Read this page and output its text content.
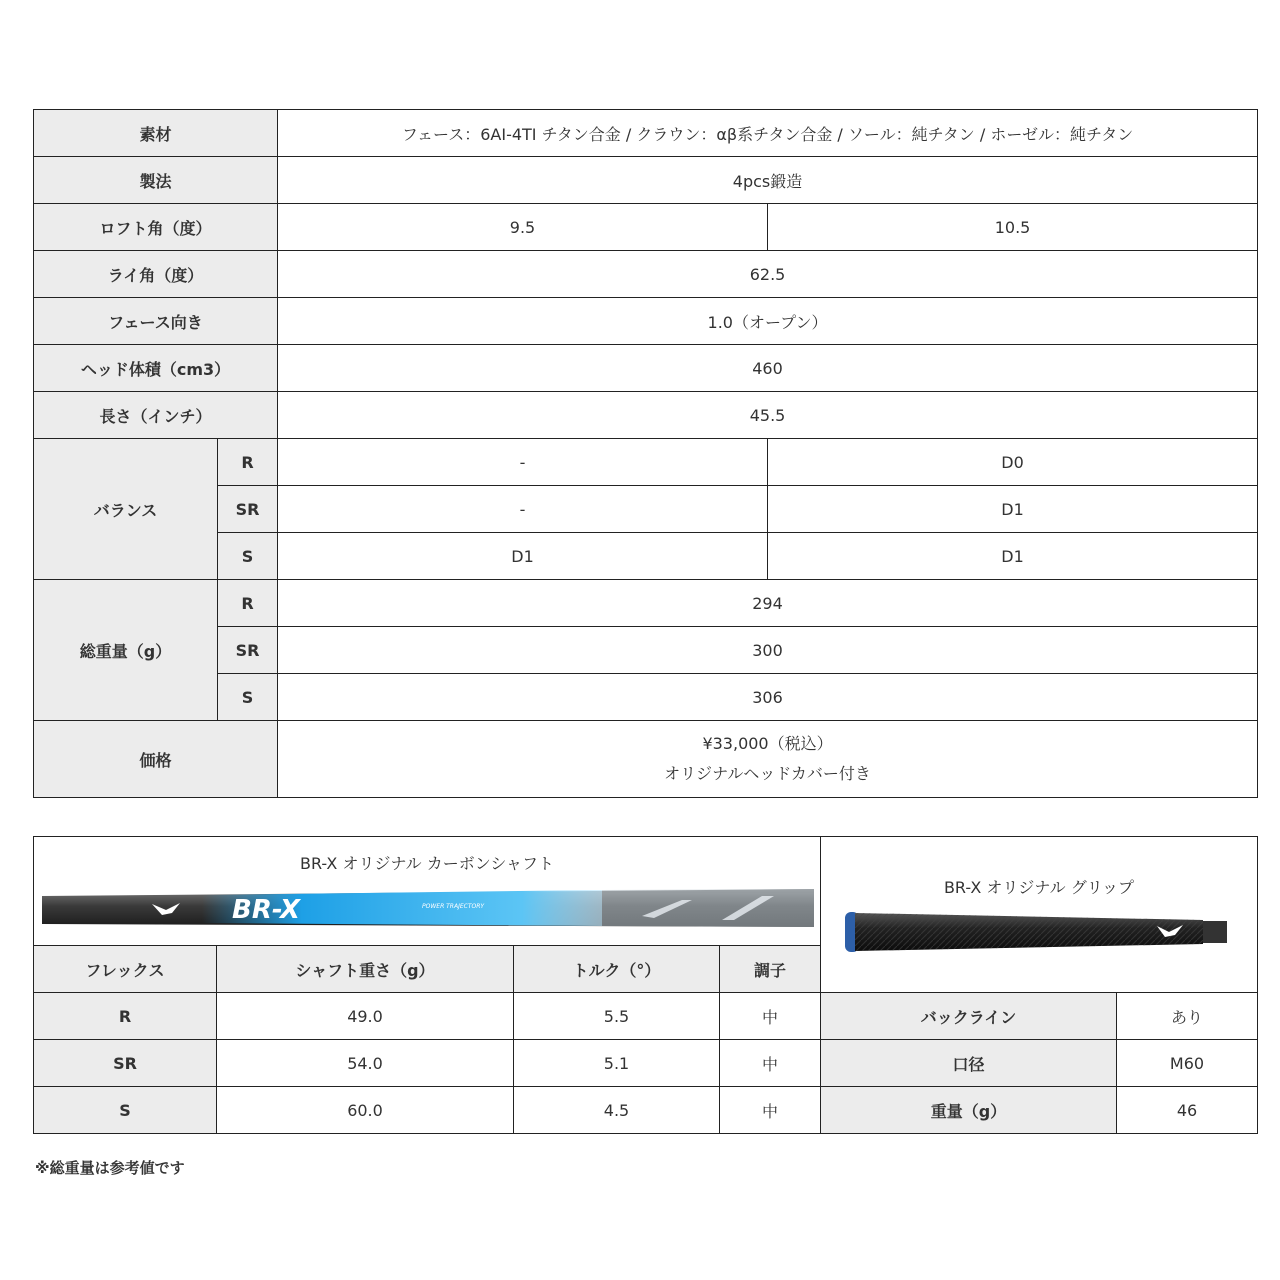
素材		フェース：6AI-4TI チタン合金 / クラウン：αβ系チタン合金 / ソール：純チタン / ホーゼル：純チタン	
製法		4pcs鍛造	
ロフト角（度）		9.5	10.5
ライ角（度）		62.5	
フェース向き		1.0（オープン）	
ヘッド体積（cm3）		460	
長さ（インチ）		45.5	
バランス	R	-	D0
	SR	-	D1
	S	D1	D1
総重量（g）	R	294	
	SR	300	
	S	306	
価格		¥33,000（税込）
オリジナルヘッドカバー付き	
BR-X オリジナル カーボンシャフト
BR-X POWER TRAJECTORY				BR-X オリジナル グリップ	

フレックス	シャフト重さ（g）	トルク（°）	調子		
R	49.0	5.5	中	バックライン	あり
SR	54.0	5.1	中	口径	M60
S	60.0	4.5	中	重量（g）	46
※総重量は参考値です
